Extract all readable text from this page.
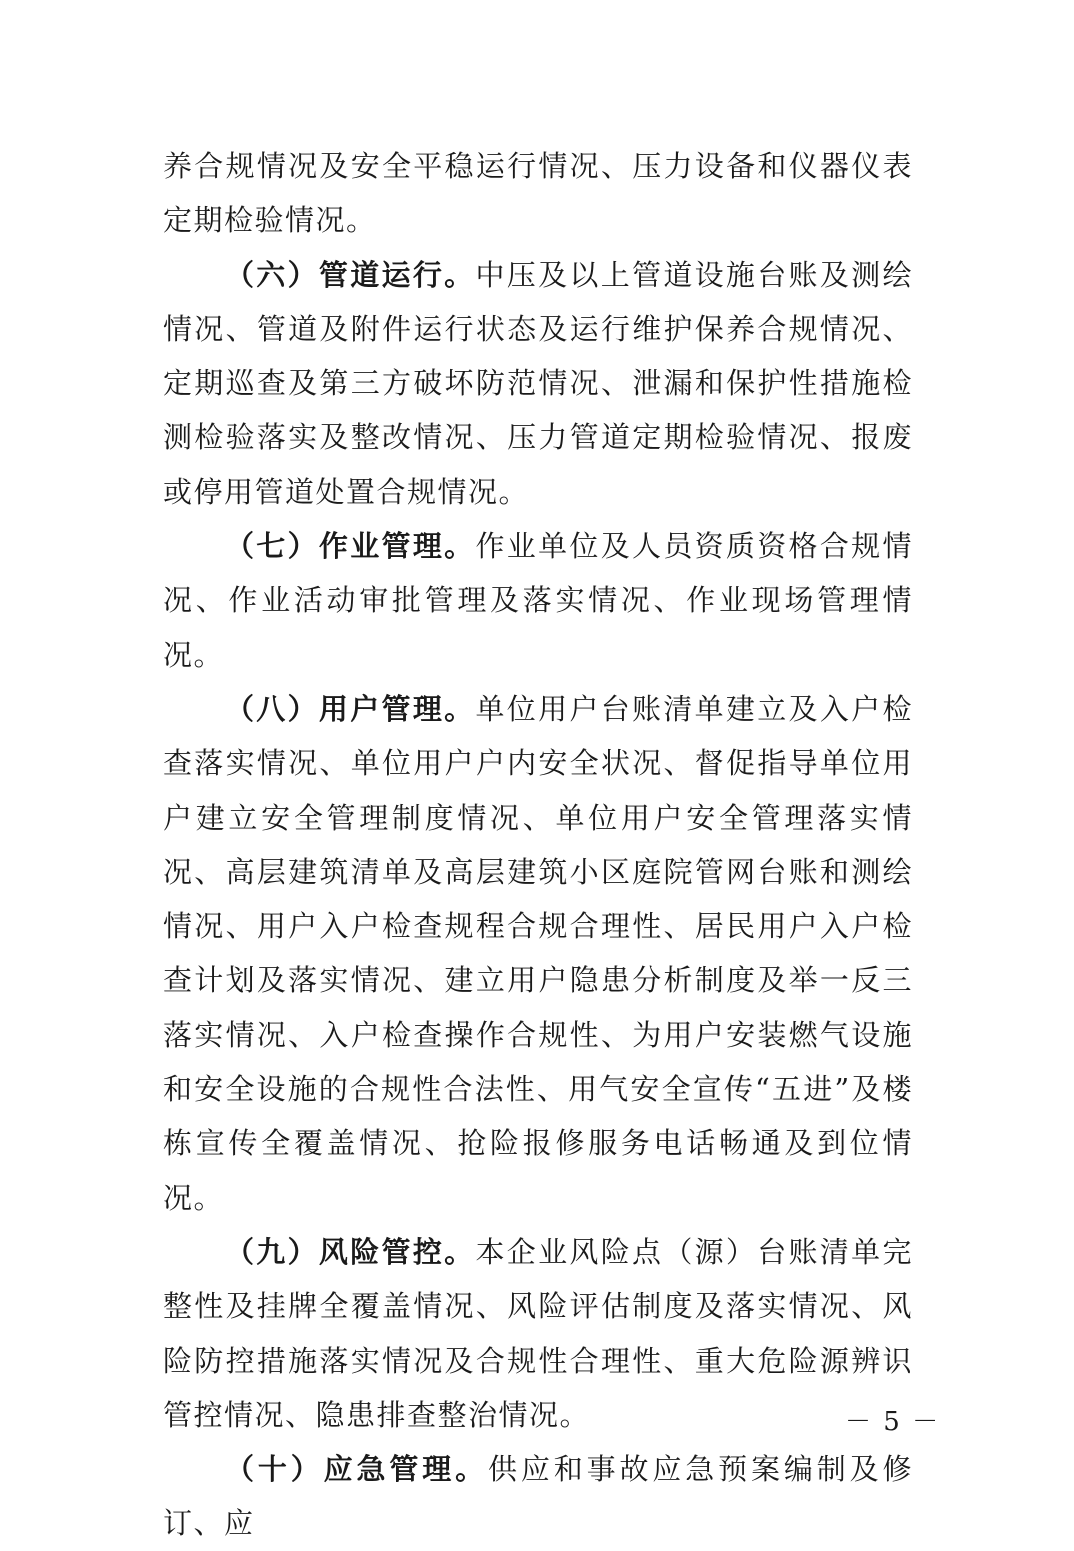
养合规情况及安全平稳运行情况、压力设备和仪器仪表定期检验情况。

（六）管道运行。中压及以上管道设施台账及测绘情况、管道及附件运行状态及运行维护保养合规情况、定期巡查及第三方破坏防范情况、泄漏和保护性措施检测检验落实及整改情况、压力管道定期检验情况、报废或停用管道处置合规情况。

（七）作业管理。作业单位及人员资质资格合规情况、作业活动审批管理及落实情况、作业现场管理情况。

（八）用户管理。单位用户台账清单建立及入户检查落实情况、单位用户户内安全状况、督促指导单位用户建立安全管理制度情况、单位用户安全管理落实情况、高层建筑清单及高层建筑小区庭院管网台账和测绘情况、用户入户检查规程合规合理性、居民用户入户检查计划及落实情况、建立用户隐患分析制度及举一反三落实情况、入户检查操作合规性、为用户安装燃气设施和安全设施的合规性合法性、用气安全宣传“五进”及楼栋宣传全覆盖情况、抢险报修服务电话畅通及到位情况。

（九）风险管控。本企业风险点（源）台账清单完整性及挂牌全覆盖情况、风险评估制度及落实情况、风险防控措施落实情况及合规性合理性、重大危险源辨识管控情况、隐患排查整治情况。

（十）应急管理。供应和事故应急预案编制及修订、应

－ 5 －
